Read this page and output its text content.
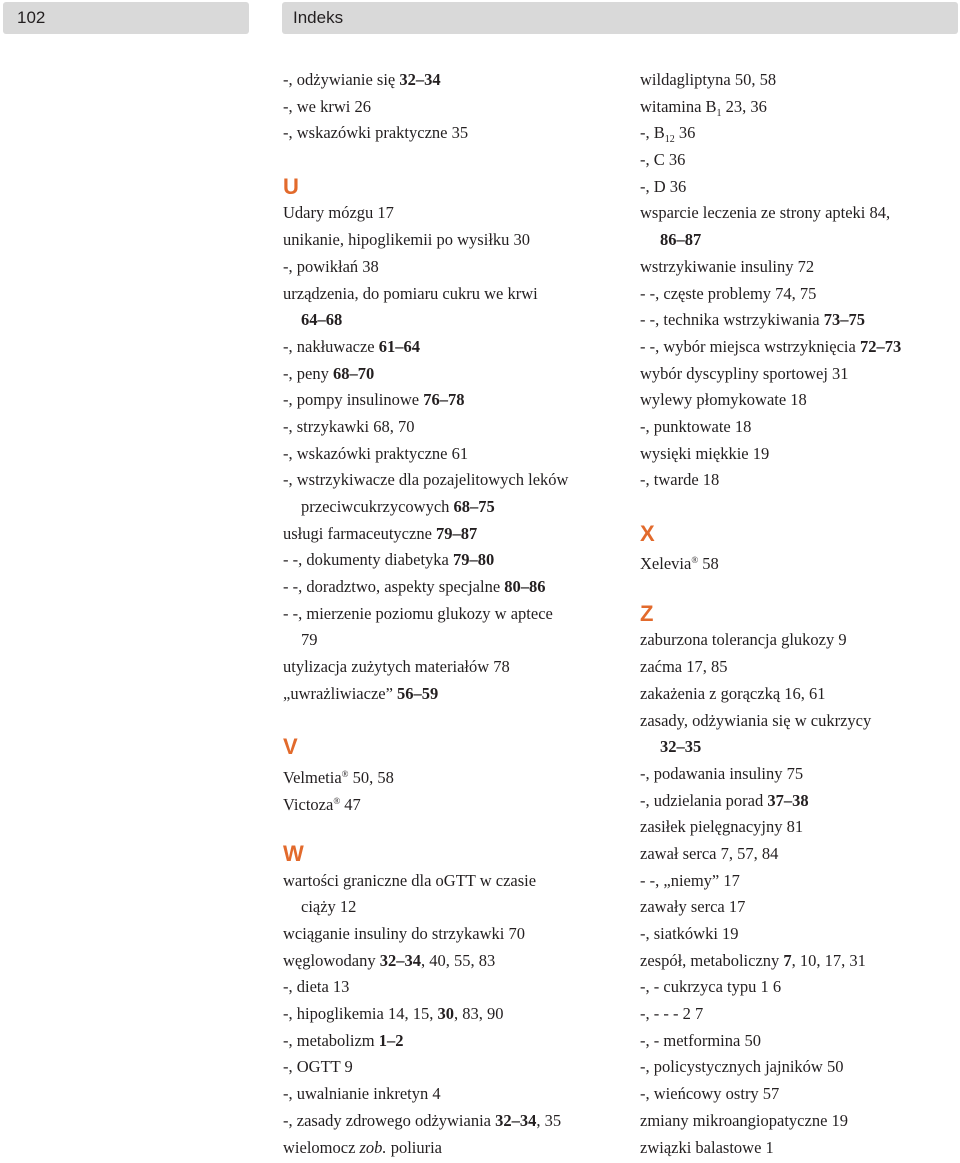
102	Indeks
-, odżywianie się 32–34
-, we krwi 26
-, wskazówki praktyczne 35
U
Udary mózgu 17
unikanie, hipoglikemii po wysiłku 30
-, powikłań 38
urządzenia, do pomiaru cukru we krwi
64–68
-, nakłuwacze 61–64
-, peny 68–70
-, pompy insulinowe 76–78
-, strzykawki 68, 70
-, wskazówki praktyczne 61
-, wstrzykiwacze dla pozajelitowych leków
przeciwcukrzycowych 68–75
usługi farmaceutyczne 79–87
- -, dokumenty diabetyka 79–80
- -, doradztwo, aspekty specjalne 80–86
- -, mierzenie poziomu glukozy w aptece
79
utylizacja zużytych materiałów 78
„uwrażliwiacze” 56–59
V
Velmetia® 50, 58
Victoza® 47
W
wartości graniczne dla oGTT w czasie
ciąży 12
wciąganie insuliny do strzykawki 70
węglowodany 32–34, 40, 55, 83
-, dieta 13
-, hipoglikemia 14, 15, 30, 83, 90
-, metabolizm 1–2
-, OGTT 9
-, uwalnianie inkretyn 4
-, zasady zdrowego odżywiania 32–34, 35
wielomocz zob. poliuria
wildagliptyna 50, 58
witamina $B_1$ 23, 36
-, $B_{12}$ 36
-, C 36
-, D 36
wsparcie leczenia ze strony apteki 84,
86–87
wstrzykiwanie insuliny 72
- -, częste problemy 74, 75
- -, technika wstrzykiwania 73–75
- -, wybór miejsca wstrzyknięcia 72–73
wybór dyscypliny sportowej 31
wylewy płomykowate 18
-, punktowate 18
wysięki miękkie 19
-, twarde 18
X
Xelevia® 58
Z
zaburzona tolerancja glukozy 9
zaćma 17, 85
zakażenia z gorączką 16, 61
zasady, odżywiania się w cukrzycy
32–35
-, podawania insuliny 75
-, udzielania porad 37–38
zasiłek pielęgnacyjny 81
zawał serca 7, 57, 84
- -, „niemy” 17
zawały serca 17
-, siatkówki 19
zespół, metaboliczny 7, 10, 17, 31
-, - cukrzyca typu 1 6
-, - - - 2 7
-, - metformina 50
-, policystycznych jajników 50
-, wieńcowy ostry 57
zmiany mikroangiopatyczne 19
związki balastowe 1
